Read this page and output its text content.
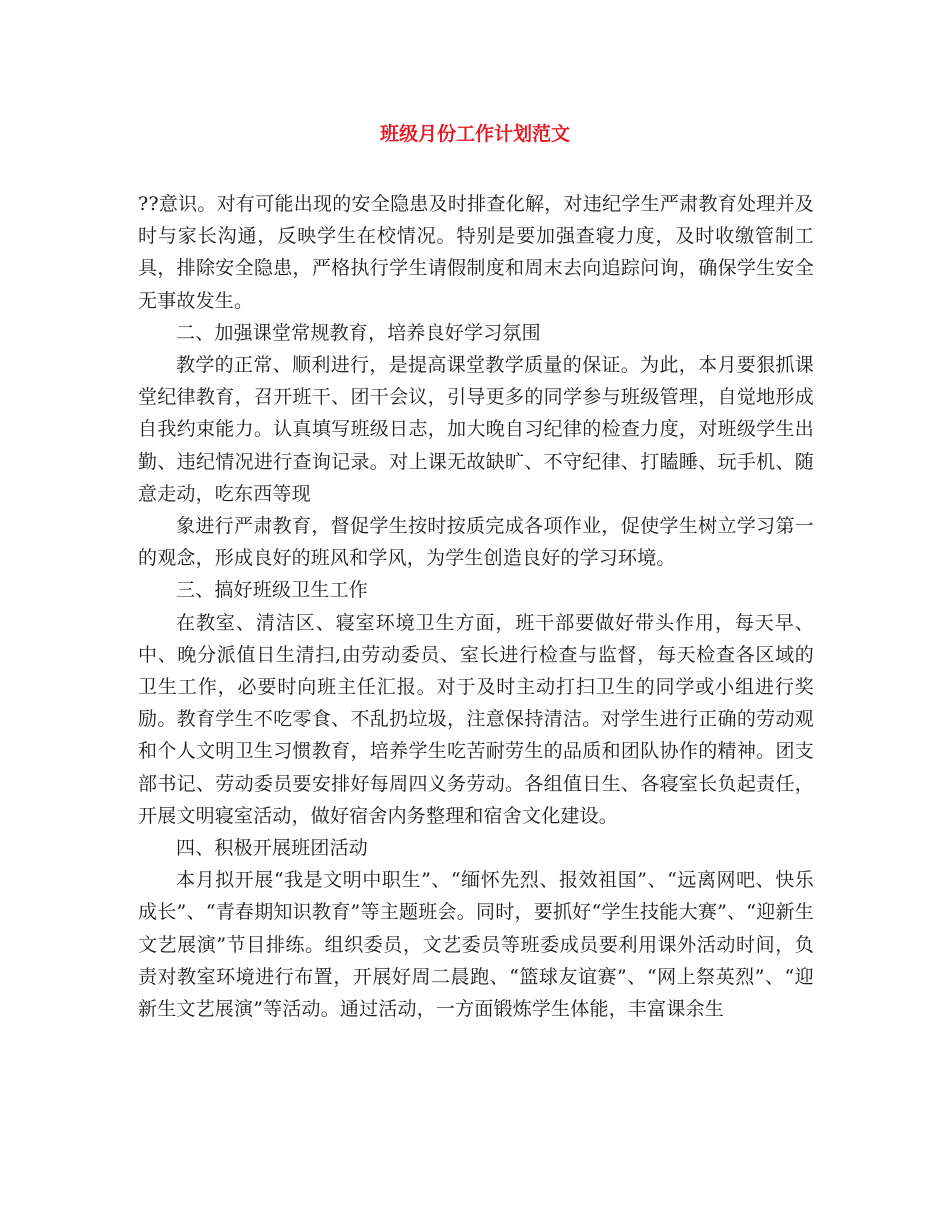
班级月份工作计划范文

??意识。对有可能出现的安全隐患及时排查化解，对违纪学生严肃教育处理并及时与家长沟通，反映学生在校情况。特别是要加强查寝力度，及时收缴管制工具，排除安全隐患，严格执行学生请假制度和周末去向追踪问询，确保学生安全无事故发生。

二、加强课堂常规教育，培养良好学习氛围

教学的正常、顺利进行，是提高课堂教学质量的保证。为此，本月要狠抓课堂纪律教育，召开班干、团干会议，引导更多的同学参与班级管理，自觉地形成自我约束能力。认真填写班级日志，加大晚自习纪律的检查力度，对班级学生出勤、违纪情况进行查询记录。对上课无故缺旷、不守纪律、打瞌睡、玩手机、随意走动，吃东西等现

象进行严肃教育，督促学生按时按质完成各项作业，促使学生树立学习第一的观念，形成良好的班风和学风，为学生创造良好的学习环境。

三、搞好班级卫生工作

在教室、清洁区、寝室环境卫生方面，班干部要做好带头作用，每天早、中、晚分派值日生清扫,由劳动委员、室长进行检查与监督，每天检查各区域的卫生工作，必要时向班主任汇报。对于及时主动打扫卫生的同学或小组进行奖励。教育学生不吃零食、不乱扔垃圾，注意保持清洁。对学生进行正确的劳动观和个人文明卫生习惯教育，培养学生吃苦耐劳生的品质和团队协作的精神。团支部书记、劳动委员要安排好每周四义务劳动。各组值日生、各寝室长负起责任，开展文明寝室活动，做好宿舍内务整理和宿舍文化建设。

四、积极开展班团活动

本月拟开展“我是文明中职生”、“缅怀先烈、报效祖国”、“远离网吧、快乐成长”、“青春期知识教育”等主题班会。同时，要抓好“学生技能大赛”、“迎新生文艺展演”节目排练。组织委员，文艺委员等班委成员要利用课外活动时间，负责对教室环境进行布置，开展好周二晨跑、“篮球友谊赛”、“网上祭英烈”、“迎新生文艺展演”等活动。通过活动，一方面锻炼学生体能，丰富课余生
